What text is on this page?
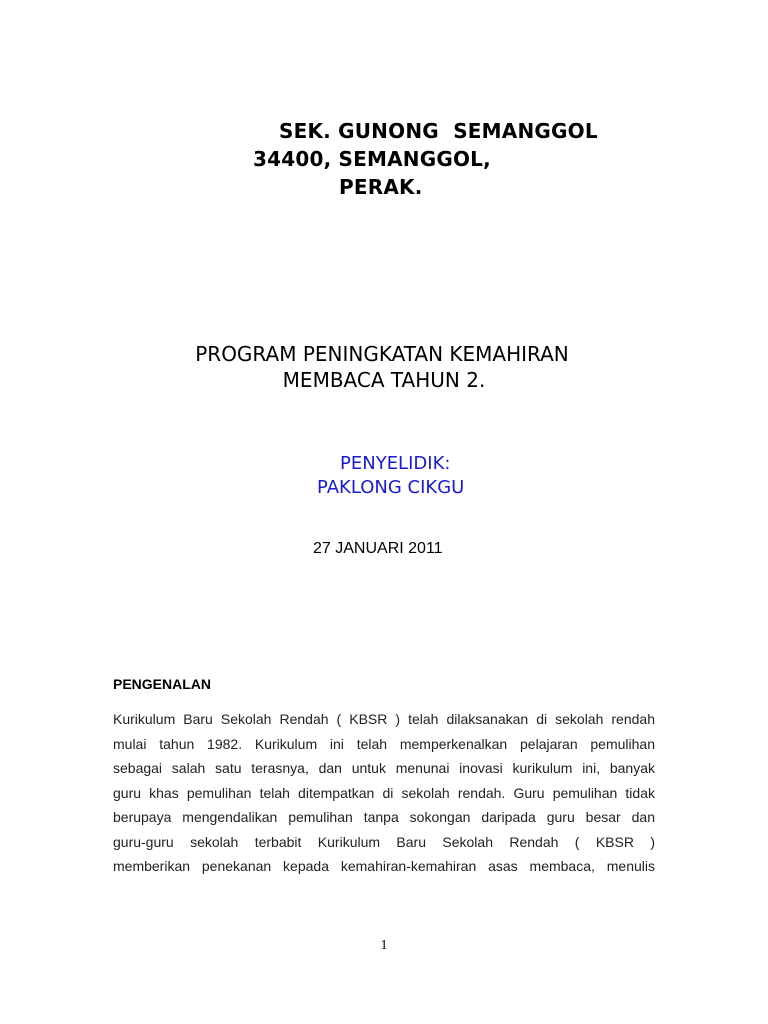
SEK. GUNONG  SEMANGGOL
34400, SEMANGGOL,
PERAK.
PROGRAM PENINGKATAN KEMAHIRAN
MEMBACA TAHUN 2.
PENYELIDIK:
PAKLONG CIKGU
27 JANUARI 2011
PENGENALAN
Kurikulum Baru Sekolah Rendah ( KBSR ) telah dilaksanakan di sekolah rendah
mulai tahun 1982. Kurikulum ini telah memperkenalkan pelajaran pemulihan
sebagai salah satu terasnya, dan untuk menunai inovasi kurikulum ini, banyak
guru khas pemulihan telah ditempatkan di sekolah rendah. Guru pemulihan tidak
berupaya mengendalikan pemulihan tanpa sokongan daripada guru besar dan
guru-guru sekolah terbabit Kurikulum Baru Sekolah Rendah ( KBSR )
memberikan penekanan kepada kemahiran-kemahiran asas membaca, menulis
1
